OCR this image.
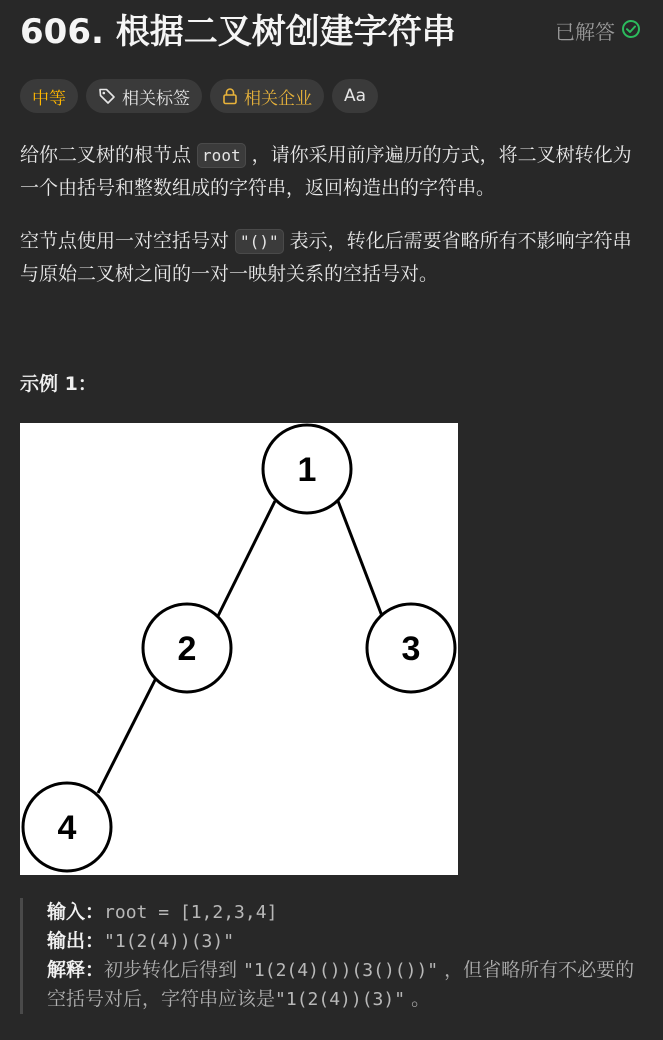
606. 根据二叉树创建字符串	已解答
中等	相关标签	相关企业 Aa
给你二叉树的根节点 root ，请你采用前序遍历的方式，将二叉树转化为一个由括号和整数组成的字符串，返回构造出的字符串。
空节点使用一对空括号对 "()" 表示，转化后需要省略所有不影响字符串与原始二叉树之间的一对一映射关系的空括号对。
示例 1：
1
2	3
4
输入：root = [1,2,3,4]
输出："1(2(4))(3)"
解释：初步转化后得到 "1(2(4)())(3()())" ，但省略所有不必要的空括号对后，字符串应该是"1(2(4))(3)" 。
